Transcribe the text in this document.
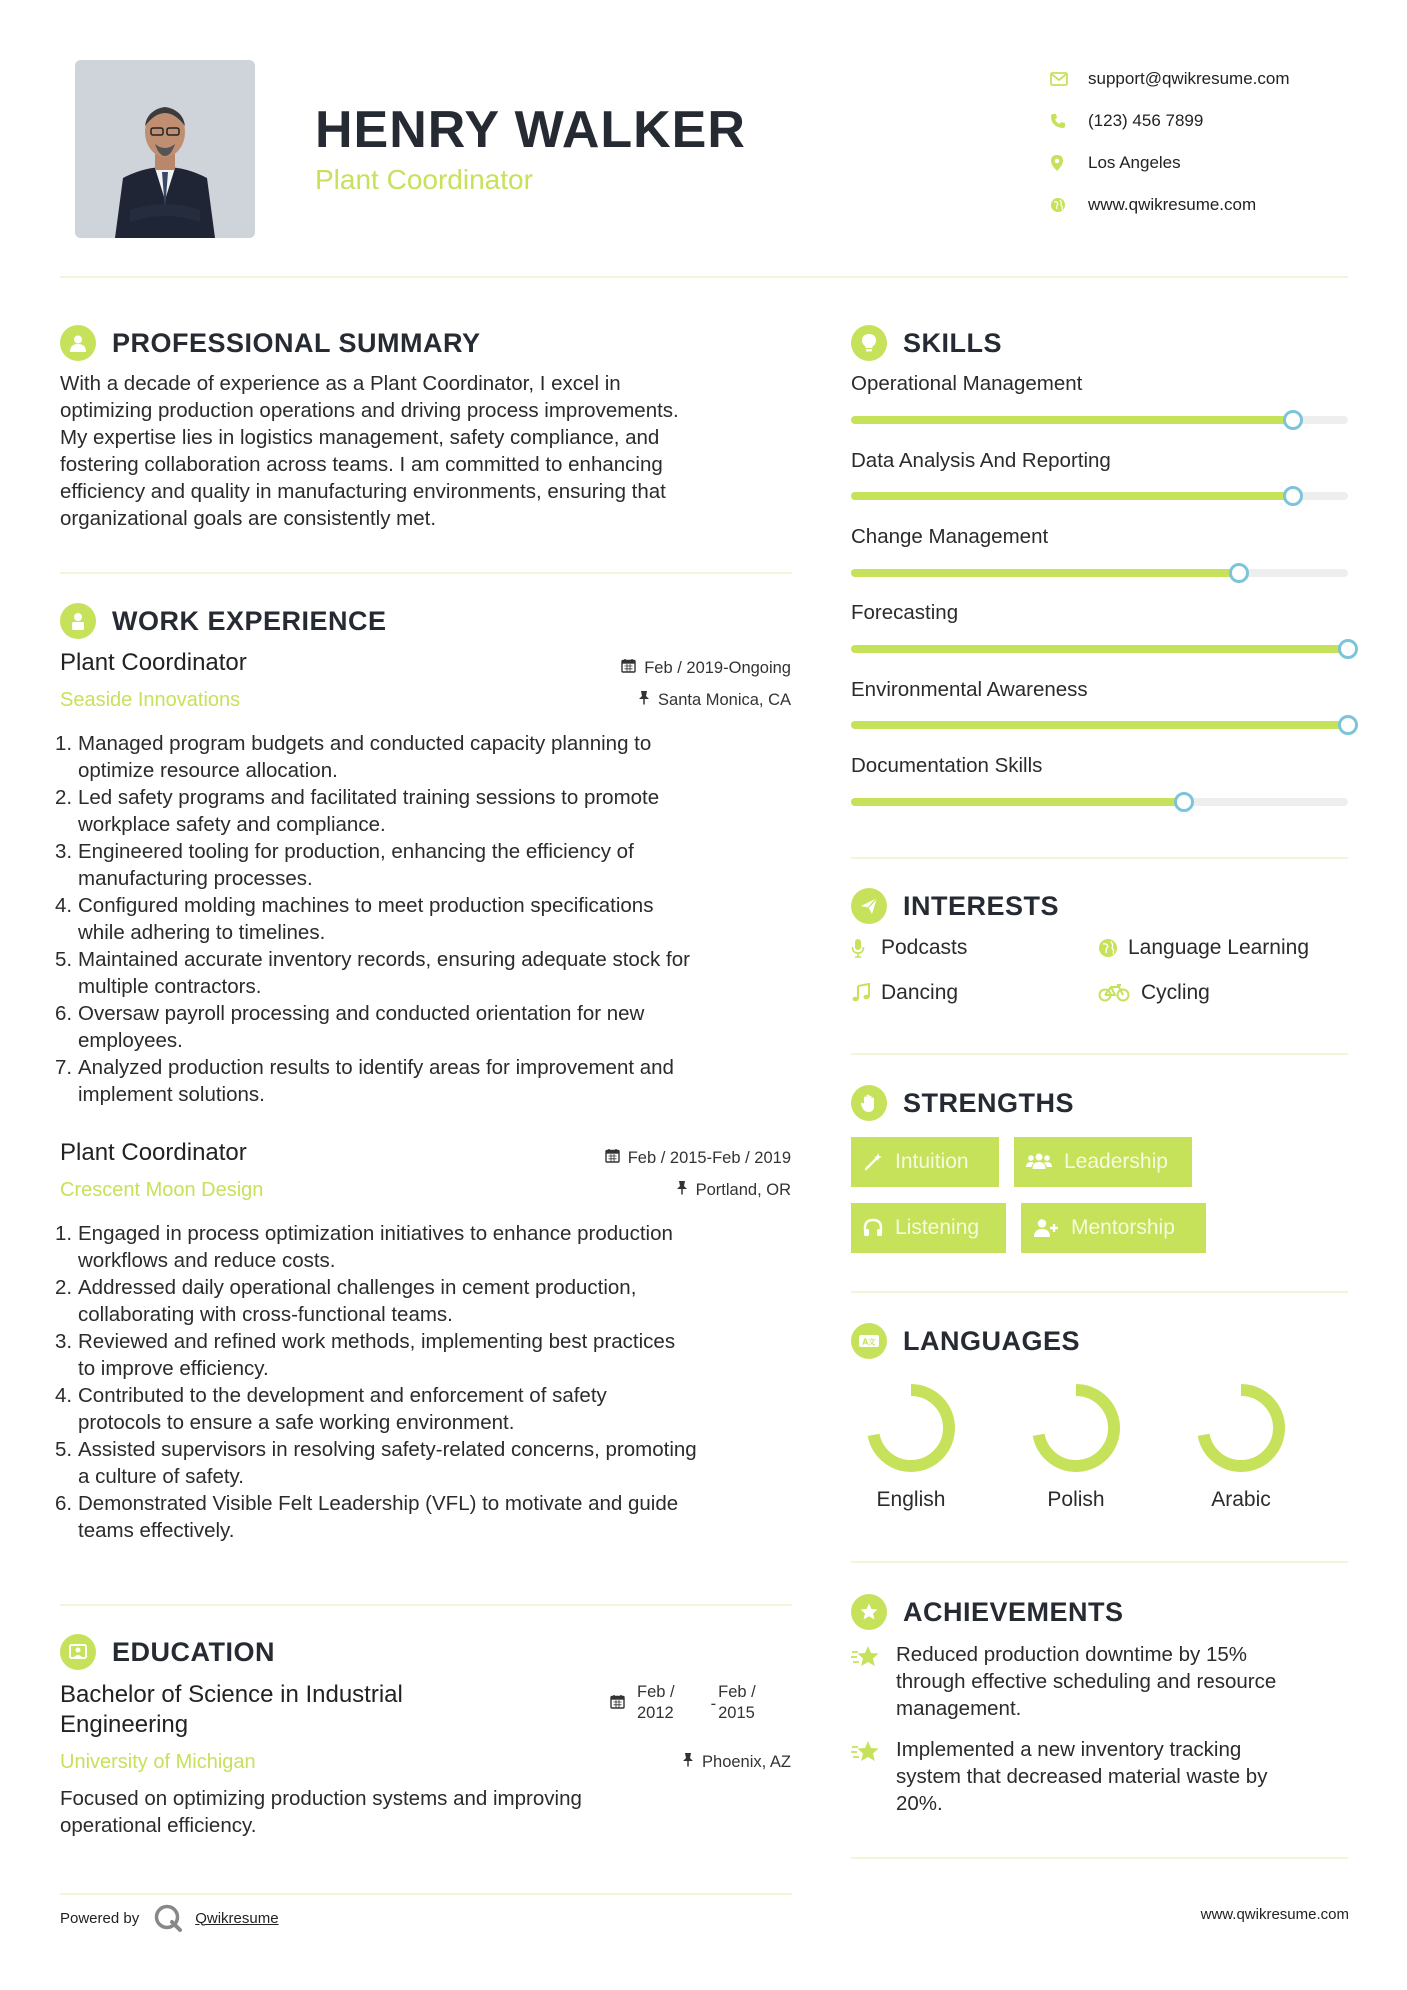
HENRY WALKER
Plant Coordinator
support@qwikresume.com
(123) 456 7899
Los Angeles
www.qwikresume.com
PROFESSIONAL SUMMARY
With a decade of experience as a Plant Coordinator, I excel in
optimizing production operations and driving process improvements.
My expertise lies in logistics management, safety compliance, and
fostering collaboration across teams. I am committed to enhancing
efficiency and quality in manufacturing environments, ensuring that
organizational goals are consistently met.
WORK EXPERIENCE
Plant Coordinator
Seaside Innovations
Feb / 2019-Ongoing
Santa Monica, CA
1. Managed program budgets and conducted capacity planning to
optimize resource allocation.
2. Led safety programs and facilitated training sessions to promote
workplace safety and compliance.
3. Engineered tooling for production, enhancing the efficiency of
manufacturing processes.
4. Configured molding machines to meet production specifications
while adhering to timelines.
5. Maintained accurate inventory records, ensuring adequate stock for
multiple contractors.
6. Oversaw payroll processing and conducted orientation for new
employees.
7. Analyzed production results to identify areas for improvement and
implement solutions.
Plant Coordinator
Crescent Moon Design
Feb / 2015-Feb / 2019
Portland, OR
1. Engaged in process optimization initiatives to enhance production
workflows and reduce costs.
2. Addressed daily operational challenges in cement production,
collaborating with cross-functional teams.
3. Reviewed and refined work methods, implementing best practices
to improve efficiency.
4. Contributed to the development and enforcement of safety
protocols to ensure a safe working environment.
5. Assisted supervisors in resolving safety-related concerns, promoting
a culture of safety.
6. Demonstrated Visible Felt Leadership (VFL) to motivate and guide
teams effectively.
EDUCATION
Bachelor of Science in Industrial
Engineering
University of Michigan
Feb /
2012 -
Feb /
2015
Phoenix, AZ
Focused on optimizing production systems and improving
operational efficiency.
SKILLS
Operational Management
Data Analysis And Reporting
Change Management
Forecasting
Environmental Awareness
Documentation Skills
INTERESTS
Podcasts	Language Learning
Dancing	Cycling
STRENGTHS
Intuition	Leadership
Listening	Mentorship
A文 LANGUAGES
English	Polish	Arabic
ACHIEVEMENTS
Reduced production downtime by 15%
through effective scheduling and resource
management.
Implemented a new inventory tracking
system that decreased material waste by
20%.
Powered by	Qwikresume	www.qwikresume.com
